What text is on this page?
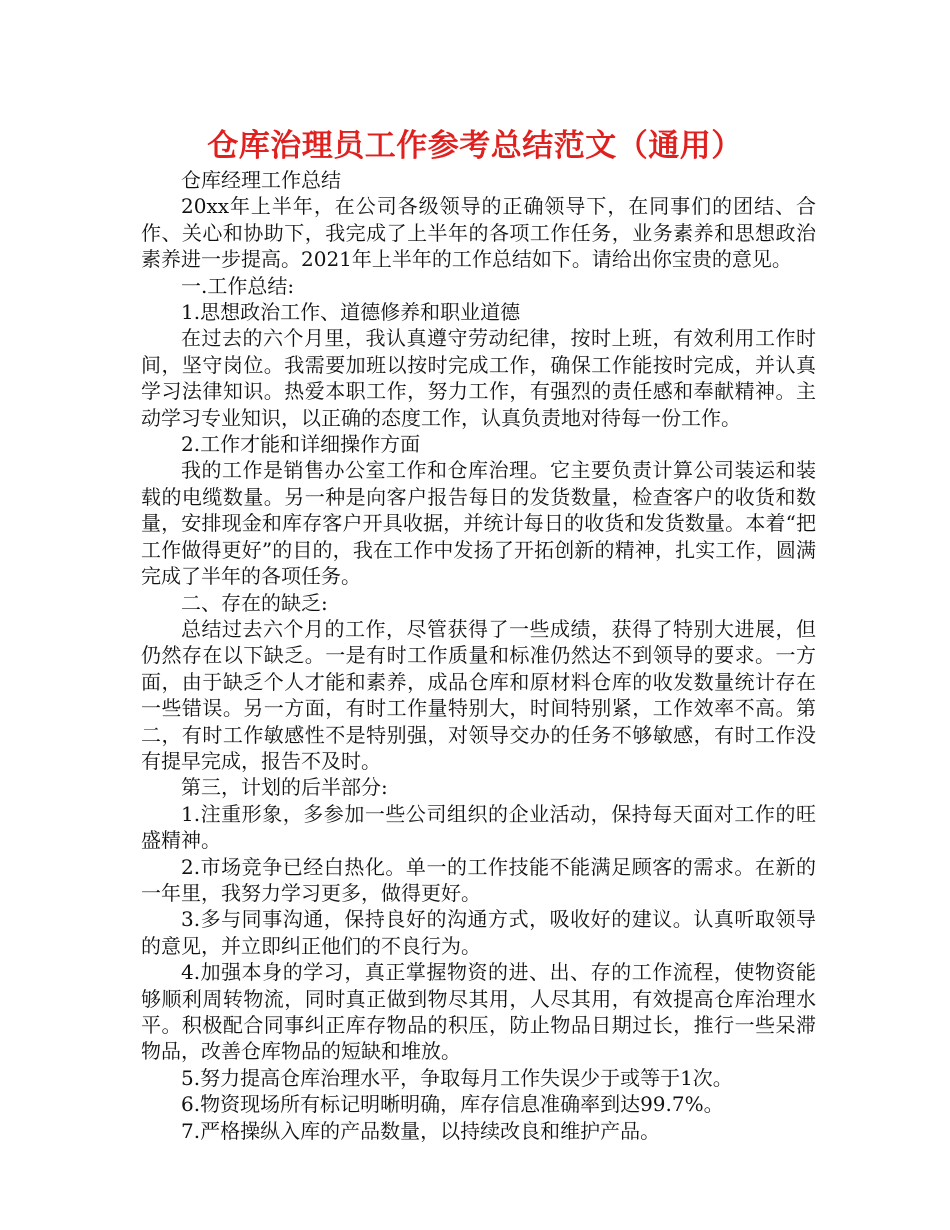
仓库治理员工作参考总结范文（通用）

仓库经理工作总结

20xx年上半年，在公司各级领导的正确领导下，在同事们的团结、合作、关心和协助下，我完成了上半年的各项工作任务，业务素养和思想政治素养进一步提高。2021年上半年的工作总结如下。请给出你宝贵的意见。

一.工作总结:

1.思想政治工作、道德修养和职业道德

在过去的六个月里，我认真遵守劳动纪律，按时上班，有效利用工作时间，坚守岗位。我需要加班以按时完成工作，确保工作能按时完成，并认真学习法律知识。热爱本职工作，努力工作，有强烈的责任感和奉献精神。主动学习专业知识，以正确的态度工作，认真负责地对待每一份工作。

2.工作才能和详细操作方面

我的工作是销售办公室工作和仓库治理。它主要负责计算公司装运和装载的电缆数量。另一种是向客户报告每日的发货数量，检查客户的收货和数量，安排现金和库存客户开具收据，并统计每日的收货和发货数量。本着“把工作做得更好”的目的，我在工作中发扬了开拓创新的精神，扎实工作，圆满完成了半年的各项任务。

二、存在的缺乏:

总结过去六个月的工作，尽管获得了一些成绩，获得了特别大进展，但仍然存在以下缺乏。一是有时工作质量和标准仍然达不到领导的要求。一方面，由于缺乏个人才能和素养，成品仓库和原材料仓库的收发数量统计存在一些错误。另一方面，有时工作量特别大，时间特别紧，工作效率不高。第二，有时工作敏感性不是特别强，对领导交办的任务不够敏感，有时工作没有提早完成，报告不及时。

第三，计划的后半部分:

1.注重形象，多参加一些公司组织的企业活动，保持每天面对工作的旺盛精神。

2.市场竞争已经白热化。单一的工作技能不能满足顾客的需求。在新的一年里，我努力学习更多，做得更好。

3.多与同事沟通，保持良好的沟通方式，吸收好的建议。认真听取领导的意见，并立即纠正他们的不良行为。

4.加强本身的学习，真正掌握物资的进、出、存的工作流程，使物资能够顺利周转物流，同时真正做到物尽其用，人尽其用，有效提高仓库治理水平。积极配合同事纠正库存物品的积压，防止物品日期过长，推行一些呆滞物品，改善仓库物品的短缺和堆放。

5.努力提高仓库治理水平，争取每月工作失误少于或等于1次。

6.物资现场所有标记明晰明确，库存信息准确率到达99.7%。

7.严格操纵入库的产品数量，以持续改良和维护产品。
